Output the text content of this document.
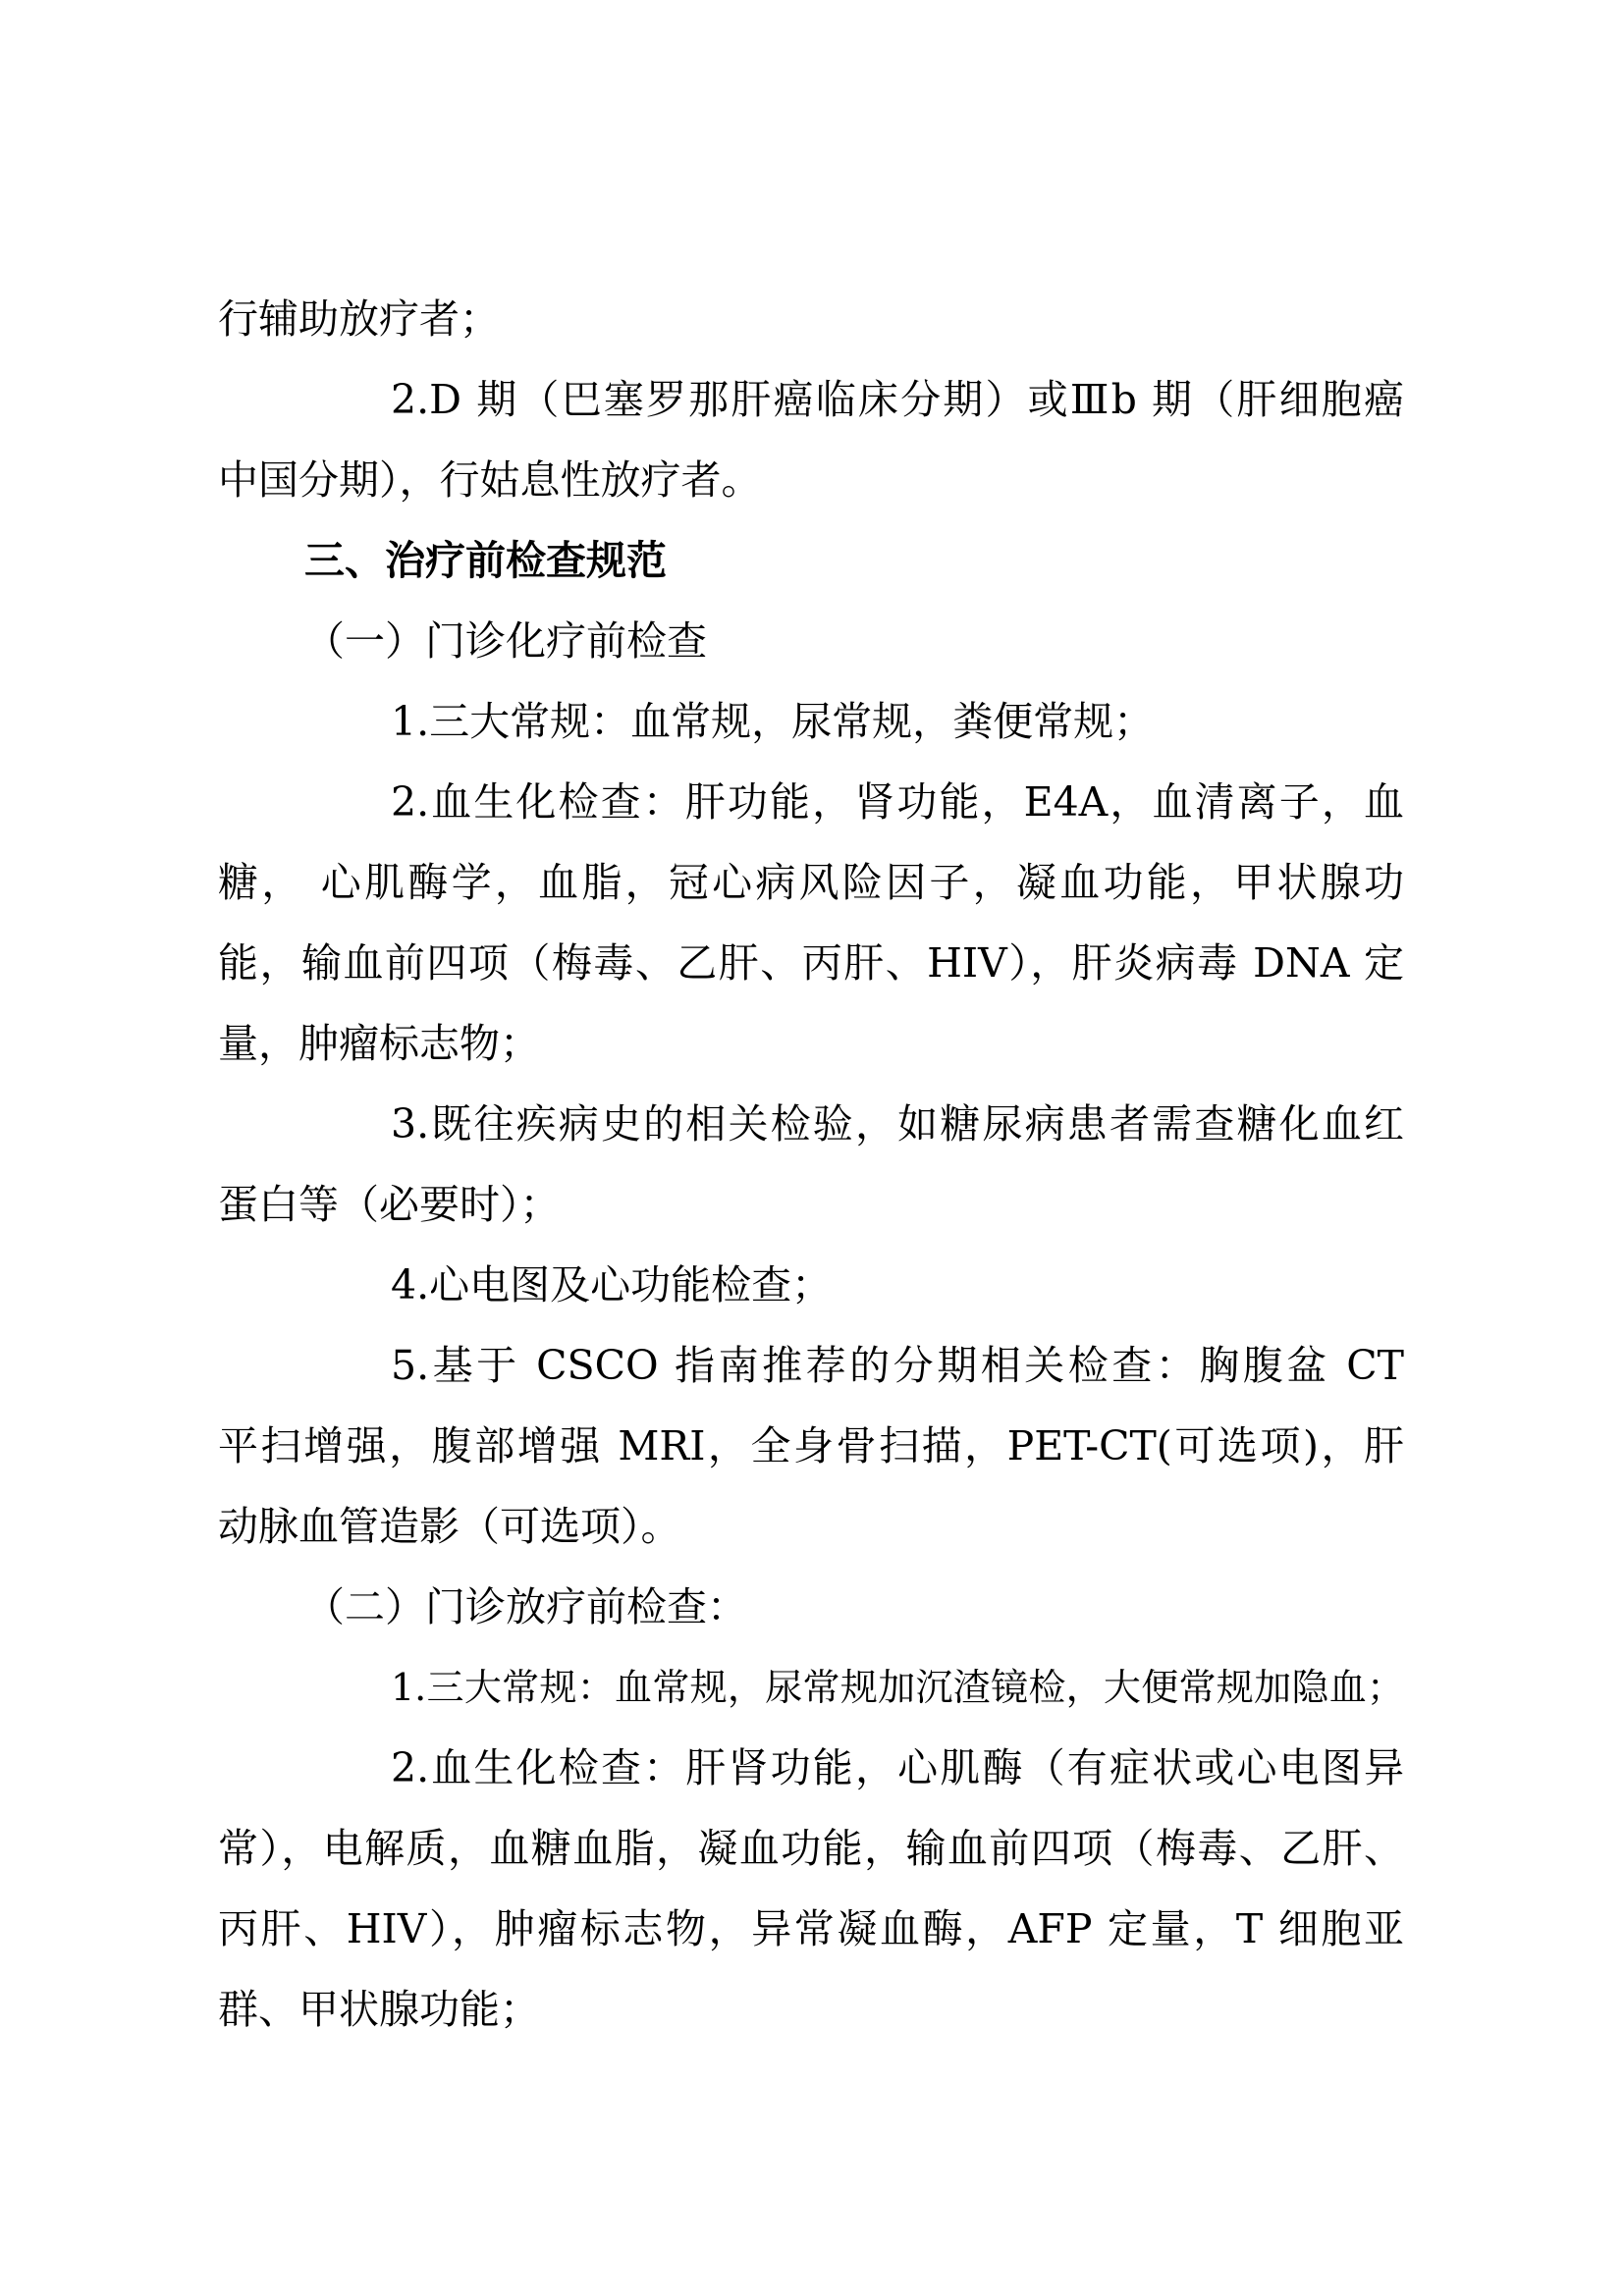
行辅助放疗者；
2.D 期（巴塞罗那肝癌临床分期）或Ⅲb 期（肝细胞癌
中国分期），行姑息性放疗者。
三、治疗前检查规范
（一）门诊化疗前检查
1.三大常规：血常规，尿常规，粪便常规；
2.血生化检查：肝功能，肾功能，E4A，血清离子，血
糖， 心肌酶学，血脂，冠心病风险因子，凝血功能，甲状腺功
能，输血前四项（梅毒、乙肝、丙肝、HIV），肝炎病毒 DNA 定
量，肿瘤标志物；
3.既往疾病史的相关检验，如糖尿病患者需查糖化血红
蛋白等（必要时）；
4.心电图及心功能检查；
5.基于 CSCO 指南推荐的分期相关检查：胸腹盆 CT
平扫增强，腹部增强 MRI，全身骨扫描，PET-CT(可选项)，肝
动脉血管造影（可选项）。
（二）门诊放疗前检查：
1.三大常规：血常规，尿常规加沉渣镜检，大便常规加隐血；
2.血生化检查：肝肾功能，心肌酶（有症状或心电图异
常），电解质，血糖血脂，凝血功能，输血前四项（梅毒、乙肝、
丙肝、HIV），肿瘤标志物，异常凝血酶，AFP 定量，T 细胞亚
群、甲状腺功能；
